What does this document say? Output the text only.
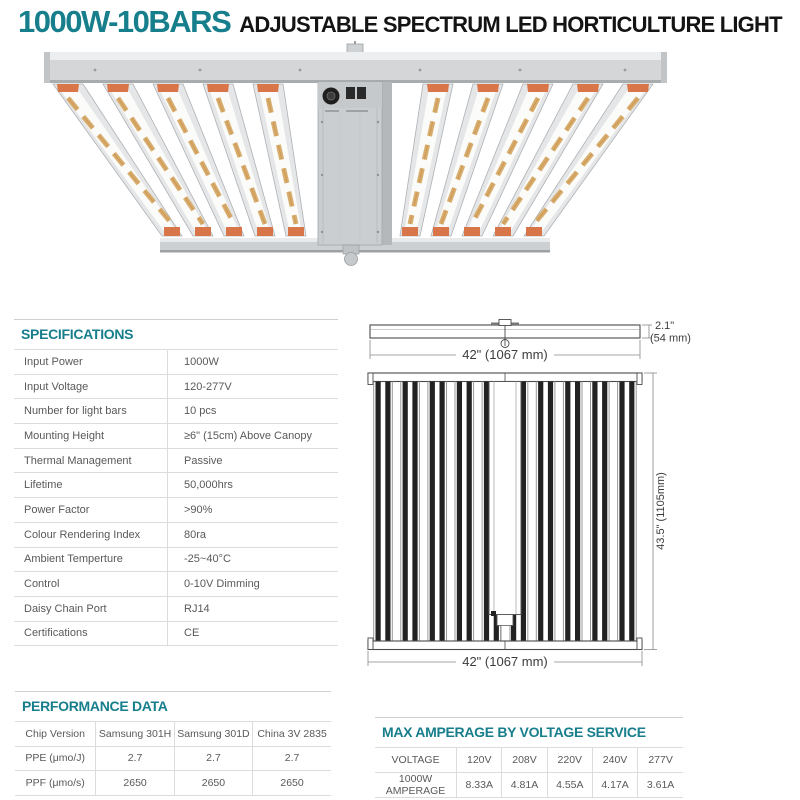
1000W-10BARS ADJUSTABLE SPECTRUM LED HORTICULTURE LIGHT
SPECIFICATIONS
Input Power	1000W
Input Voltage	120-277V
Number for light bars	10 pcs
Mounting Height	≥6" (15cm) Above Canopy
Thermal Management	Passive
Lifetime	50,000hrs
Power Factor	>90%
Colour Rendering Index	80ra
Ambient Temperture	-25~40°C
Control	0-10V Dimming
Daisy Chain Port	RJ14
Certifications	CE
42" (1067 mm)
2.1"
(54 mm)
42" (1067 mm)
43.5" (1105mm)
PERFORMANCE DATA
Chip Version	Samsung 301H	Samsung 301D	China 3V 2835
PPE (μmo/J)	2.7	2.7	2.7
PPF (μmo/s)	2650	2650	2650
MAX AMPERAGE BY VOLTAGE SERVICE
VOLTAGE	120V	208V	220V	240V	277V
1000W AMPERAGE	8.33A	4.81A	4.55A	4.17A	3.61A
